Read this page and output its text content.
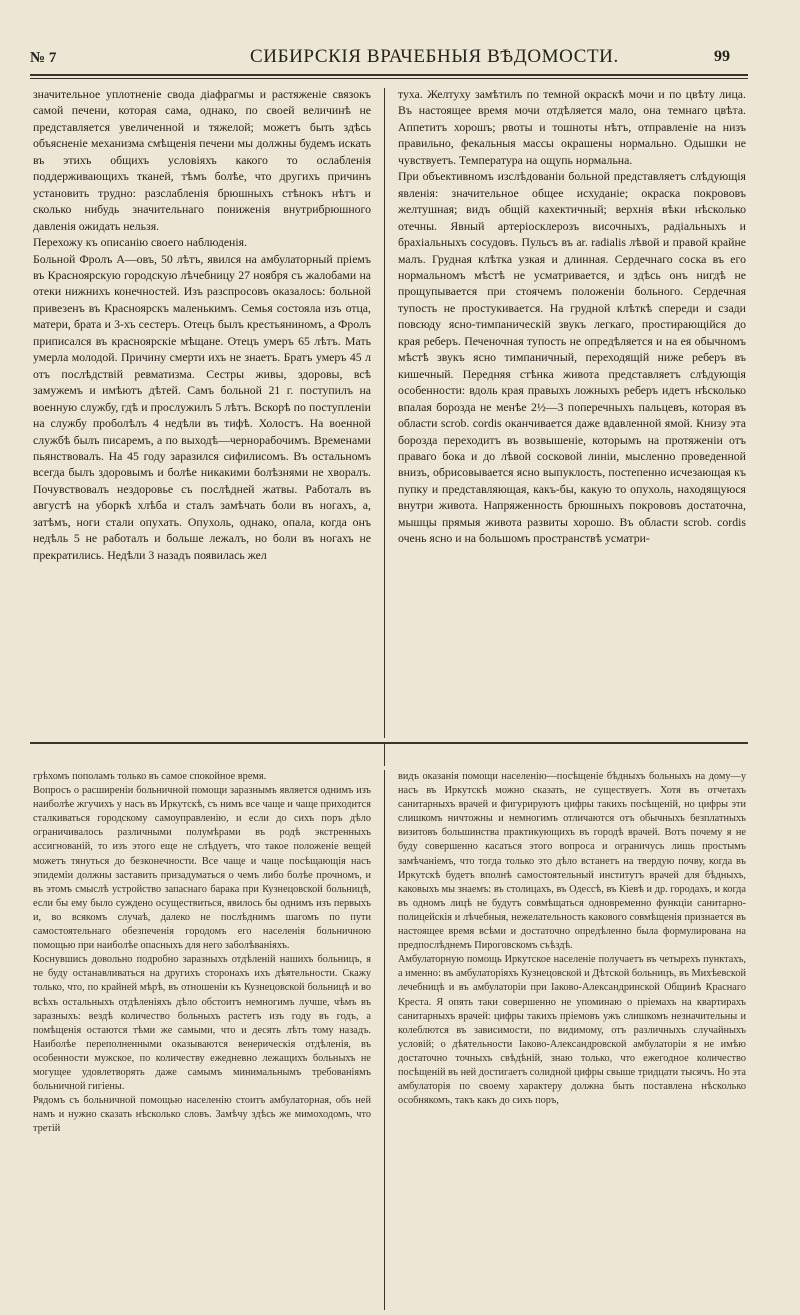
№ 7	СИБИРСКІЯ ВРАЧЕБНЫЯ ВѢДОМОСТИ.	99
значительное уплотненіе свода діафрагмы и растяженіе связокъ самой печени, которая сама, однако, по своей величинѣ не представляется увеличенной и тяжелой; можетъ быть здѣсь объясненіе механизма смѣщенія печени мы должны будемъ искать въ этихъ общихъ условіяхъ какого то ослабленія поддерживающихъ тканей, тѣмъ болѣе, что другихъ причинъ установить трудно: разслабленія брюшныхъ стѣнокъ нѣтъ и сколько нибудь значительнаго пониженія внутрибрюшного давленія ожидать нельзя.
Перехожу къ описанію своего наблюденія.
Больной Фролъ А—овъ, 50 лѣтъ, явился на амбулаторный пріемъ въ Красноярскую городскую лѣчебницу 27 ноября съ жалобами на отеки нижнихъ конечностей. Изъ разспросовъ оказалось: больной привезенъ въ Красноярскъ маленькимъ. Семья состояла изъ отца, матери, брата и 3-хъ сестеръ. Отецъ былъ крестьяниномъ, а Фролъ приписался въ красноярскіе мѣщане. Отецъ умеръ 65 лѣтъ. Мать умерла молодой. Причину смерти ихъ не знаетъ. Братъ умеръ 45 л отъ послѣдствій ревматизма. Сестры живы, здоровы, всѣ замужемъ и имѣютъ дѣтей. Самъ больной 21 г. поступилъ на военную службу, гдѣ и прослужилъ 5 лѣтъ. Вскорѣ по поступленіи на службу проболѣлъ 4 недѣли въ тифѣ. Холостъ. На военной службѣ былъ писаремъ, а по выходѣ—чернорабочимъ. Временами пьянствовалъ. На 45 году заразился сифилисомъ. Въ остальномъ всегда былъ здоровымъ и болѣе никакими болѣзнями не хворалъ. Почувствовалъ нездоровье съ послѣдней жатвы. Работалъ въ августѣ на уборкѣ хлѣба и сталъ замѣчать боли въ ногахъ, а, затѣмъ, ноги стали опухать. Опухоль, однако, опала, когда онъ недѣль 5 не работалъ и больше лежалъ, но боли въ ногахъ не прекратились. Недѣли 3 назадъ появилась жел
туха. Желтуху замѣтилъ по темной окраскѣ мочи и по цвѣту лица. Въ настоящее время мочи отдѣляется мало, она темнаго цвѣта. Аппетитъ хорошъ; рвоты и тошноты нѣтъ, отправленіе на низъ правильно, фекальныя массы окрашены нормально. Одышки не чувствуетъ. Температура на ощупь нормальна.
При объективномъ изслѣдованіи больной представляетъ слѣдующія явленія: значительное общее исхуданіе; окраска покрововъ желтушная; видъ общій кахектичный; верхнія вѣки нѣсколько отечны. Явный артеріосклерозъ височныхъ, радіальныхъ и брахіальныхъ сосудовъ. Пульсъ въ ar. radialis лѣвой и правой крайне малъ. Грудная клѣтка узкая и длинная. Сердечнаго соска въ его нормальномъ мѣстѣ не усматривается, и здѣсь онъ нигдѣ не прощупывается при стоячемъ положеніи больного. Сердечная тупость не простукивается. На грудной клѣткѣ спереди и сзади повсюду ясно-тимпаническій звукъ легкаго, простирающійся до края реберъ. Печеночная тупость не опредѣляется и на ея обычномъ мѣстѣ звукъ ясно тимпаничный, переходящій ниже реберъ въ кишечный. Передняя стѣнка живота представляетъ слѣдующія особенности: вдоль края правыхъ ложныхъ реберъ идетъ нѣсколько впалая борозда не менѣе 2½—3 поперечныхъ пальцевъ, которая въ области scrob. cordis оканчивается даже вдавленной ямой. Книзу эта борозда переходитъ въ возвышеніе, которымъ на протяженіи отъ праваго бока и до лѣвой сосковой линіи, мысленно проведенной внизъ, обрисовывается ясно выпуклость, постепенно исчезающая къ пупку и представляющая, какъ-бы, какую то опухоль, находящуюся внутри живота. Напряженность брюшныхъ покрововъ достаточна, мышцы прямыя живота развиты хорошо. Въ области scrob. cordis очень ясно и на большомъ пространствѣ усматри-
грѣхомъ пополамъ только въ самое спокойное время.
Вопросъ о расширеніи больничной помощи заразнымъ является однимъ изъ наиболѣе жгучихъ у насъ въ Иркутскѣ, съ нимъ все чаще и чаще приходится сталкиваться городскому самоуправленію, и если до сихъ поръ дѣло ограничивалось различными полумѣрами въ родѣ экстренныхъ ассигнованій, то изъ этого еще не слѣдуетъ, что такое положеніе вещей можетъ тянуться до безконечности. Все чаще и чаще посѣщающія насъ эпидеміи должны заставить призадуматься о чемъ либо болѣе прочномъ, и въ этомъ смыслѣ устройство запаснаго барака при Кузнецовской больницѣ, если бы ему было суждено осуществиться, явилось бы однимъ изъ первыхъ и, во всякомъ случаѣ, далеко не послѣднимъ шагомъ по пути самостоятельнаго обезпеченія городомъ его населенія больничною помощью при наиболѣе опасныхъ для него заболѣваніяхъ.
Коснувшись довольно подробно заразныхъ отдѣленій нашихъ больницъ, я не буду останавливаться на другихъ сторонахъ ихъ дѣятельности. Скажу только, что, по крайней мѣрѣ, въ отношеніи къ Кузнецовской больницѣ и во всѣхъ остальныхъ отдѣленіяхъ дѣло обстоитъ немногимъ лучше, чѣмъ въ заразныхъ: вездѣ количество больныхъ растетъ изъ году въ годъ, а помѣщенія остаются тѣми же самыми, что и десять лѣтъ тому назадъ. Наиболѣе переполненными оказываются венерическія отдѣленія, въ особенности мужское, по количеству ежедневно лежащихъ больныхъ не могущее удовлетворять даже самымъ минимальнымъ требованіямъ больничной гигіены.
Рядомъ съ больничной помощью населенію стоитъ амбулаторная, объ ней намъ и нужно сказать нѣсколько словъ. Замѣчу здѣсь же мимоходомъ, что третій
видъ оказанія помощи населенію—посѣщеніе бѣдныхъ больныхъ на дому—у насъ въ Иркутскѣ можно сказать, не существуетъ. Хотя въ отчетахъ санитарныхъ врачей и фигурируютъ цифры такихъ посѣщеній, но цифры эти слишкомъ ничтожны и немногимъ отличаются отъ обычныхъ безплатныхъ визитовъ большинства практикующихъ въ городѣ врачей. Вотъ почему я не буду совершенно касаться этого вопроса и ограничусь лишь простымъ замѣчаніемъ, что тогда только это дѣло встанетъ на твердую почву, когда въ Иркутскѣ будетъ вполнѣ самостоятельный институтъ врачей для бѣдныхъ, каковыхъ мы знаемъ: въ столицахъ, въ Одессѣ, въ Кіевѣ и др. городахъ, и когда въ одномъ лицѣ не будутъ совмѣщаться одновременно функціи санитарно-полицейскія и лѣчебныя, нежелательность какового совмѣщенія признается въ настоящее время всѣми и достаточно опредѣленно была формулирована на предпослѣднемъ Пироговскомъ съѣздѣ.
Амбулаторную помощь Иркутское населеніе получаетъ въ четырехъ пунктахъ, а именно: въ амбулаторіяхъ Кузнецовской и Дѣтской больницъ, въ Михѣевской лечебницѣ и въ амбулаторіи при Іаково-Александринской Общинѣ Краснаго Креста. Я опять таки совершенно не упоминаю о пріемахъ на квартирахъ санитарныхъ врачей: цифры такихъ пріемовъ ужъ слишкомъ незначительны и колеблются въ зависимости, по видимому, отъ различныхъ случайныхъ условій; о дѣятельности Іаково-Александровской амбулаторіи я не имѣю достаточно точныхъ свѣдѣній, знаю только, что ежегодное количество посѣщеній въ ней достигаетъ солидной цифры свыше тридцати тысячъ. Но эта амбулаторія по своему характеру должна быть поставлена нѣсколько особнякомъ, такъ какъ до сихъ поръ,
